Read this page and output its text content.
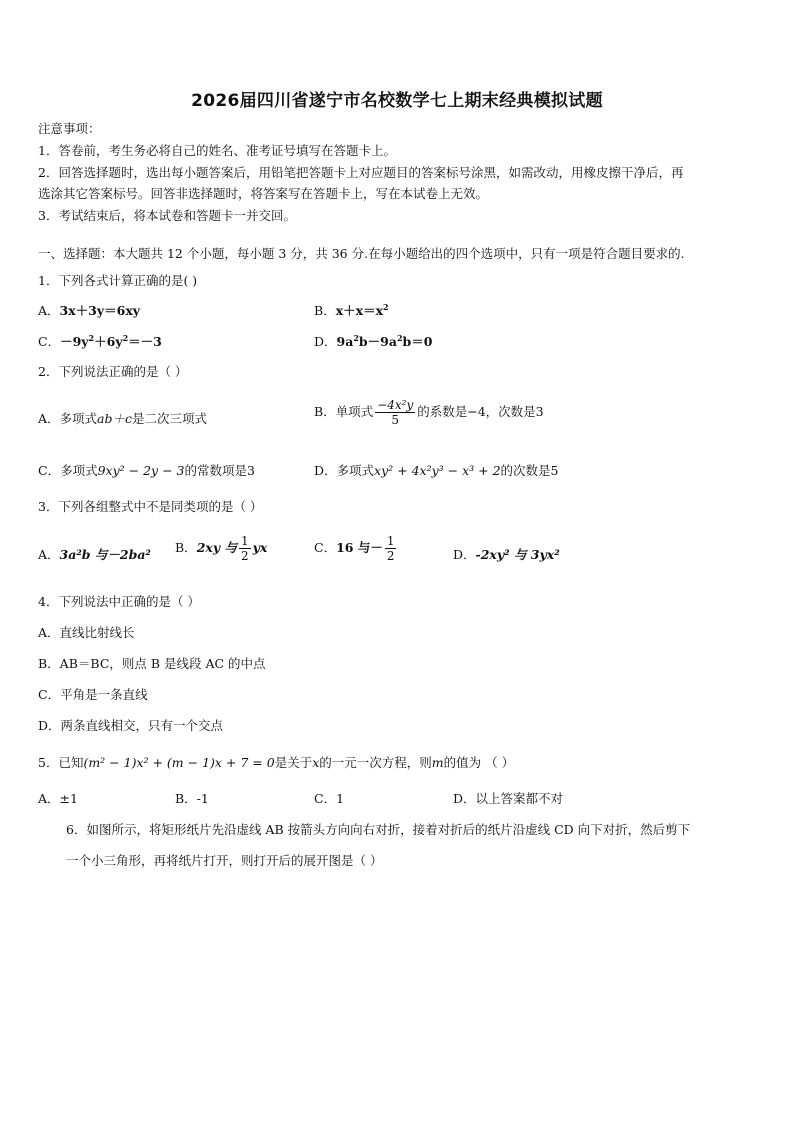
2026届四川省遂宁市名校数学七上期末经典模拟试题
注意事项：
1．答卷前，考生务必将自己的姓名、准考证号填写在答题卡上。
2．回答选择题时，选出每小题答案后，用铅笔把答题卡上对应题目的答案标号涂黑，如需改动，用橡皮擦干净后，再
选涂其它答案标号。回答非选择题时，将答案写在答题卡上，写在本试卷上无效。
3．考试结束后，将本试卷和答题卡一并交回。
一、选择题：本大题共 12 个小题，每小题 3 分，共 36 分.在每小题给出的四个选项中，只有一项是符合题目要求的.
1．下列各式计算正确的是( )
A．3x＋3y＝6xy	B．$x+x=x^2$
C．$-9y^2+6y^2=-3$	D．$9a^2b-9a^2b=0$
2．下列说法正确的是（ ）
A．多项式ab＋c是二次三项式	B．单项式 $\frac{\text{−4x²y}}{5}$ 的系数是−4，次数是3
C．多项式9xy² − 2y − 3的常数项是3	D．多项式xy² + 4x²y³ − x³ + 2的次数是5
3．下列各组整式中不是同类项的是（ ）
A．3a²b 与－2ba² B．2xy 与 $\frac{1}{2}$ yx	C．16 与－ $\frac{1}{2}$	D．-2xy² 与 3yx²
4．下列说法中正确的是（ ）
A．直线比射线长
B．AB＝BC，则点 B 是线段 AC 的中点
C．平角是一条直线
D．两条直线相交，只有一个交点
5．已知(m² − 1)x² + (m − 1)x + 7 = 0是关于x的一元一次方程，则m的值为 （ ）
A．±1	B．-1	C．1	D．以上答案都不对
6．如图所示，将矩形纸片先沿虚线 AB 按箭头方向向右对折，接着对折后的纸片沿虚线 CD 向下对折，然后剪下
一个小三角形，再将纸片打开，则打开后的展开图是（ ）
